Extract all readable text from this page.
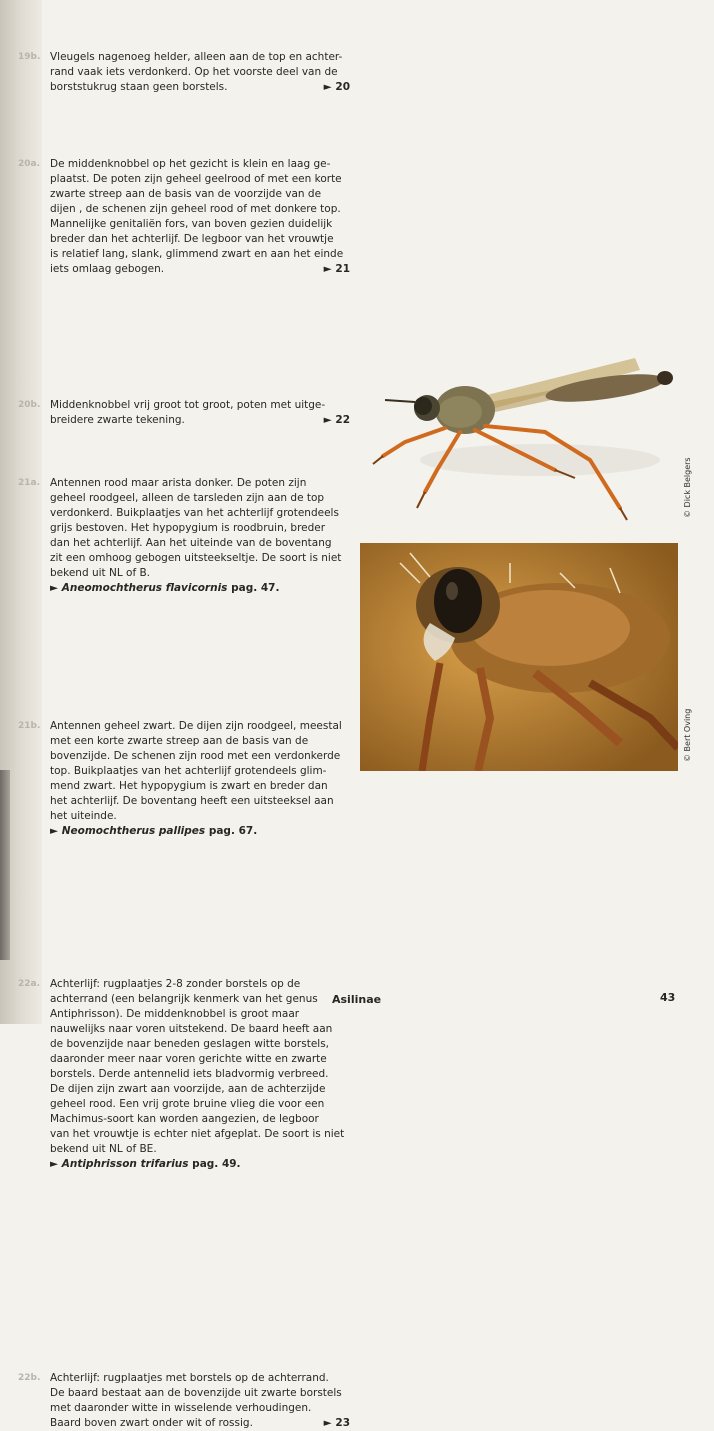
19b. Vleugels nagenoeg helder, alleen aan de top en achter-

rand vaak iets verdonkerd. Op het voorste deel van de

► 20
borststukrug staan geen borstels.

20a. De middenknobbel op het gezicht is klein en laag ge-

plaatst. De poten zijn geheel geelrood of met een korte

zwarte streep aan de basis van de voorzijde van de

dijen , de schenen zijn geheel rood of met donkere top.

Mannelijke genitaliën fors, van boven gezien duidelijk

breder dan het achterlijf. De legboor van het vrouwtje

is relatief lang, slank, glimmend zwart en aan het einde

► 21
iets omlaag gebogen.

20b. Middenknobbel vrij groot tot groot, poten met uitge-

► 22
breidere zwarte tekening.

21a. Antennen rood maar arista donker. De poten zijn

geheel roodgeel, alleen de tarsleden zijn aan de top

verdonkerd. Buikplaatjes van het achterlijf grotendeels

grijs bestoven. Het hypopygium is roodbruin, breder

dan het achterlijf. Aan het uiteinde van de boventang

zit een omhoog gebogen uitsteekseltje. De soort is niet

bekend uit NL of B.

► Aneomochtherus flavicornis pag. 47.

21b. Antennen geheel zwart. De dijen zijn roodgeel, meestal

met een korte zwarte streep aan de basis van de

bovenzijde. De schenen zijn rood met een verdonkerde

top. Buikplaatjes van het achterlijf grotendeels glim-

mend zwart. Het hypopygium is zwart en breder dan

het achterlijf. De boventang heeft een uitsteeksel aan

het uiteinde.

► Neomochtherus pallipes pag. 67.

22a. Achterlijf: rugplaatjes 2-8 zonder borstels op de

achterrand (een belangrijk kenmerk van het genus

Antiphrisson). De middenknobbel is groot maar

nauwelijks naar voren uitstekend. De baard heeft aan

de bovenzijde naar beneden geslagen witte borstels,

daaronder meer naar voren gerichte witte en zwarte

borstels. Derde antennelid iets bladvormig verbreed.

De dijen zijn zwart aan voorzijde, aan de achterzijde

geheel rood. Een vrij grote bruine vlieg die voor een

Machimus-soort kan worden aangezien, de legboor

van het vrouwtje is echter niet afgeplat. De soort is niet

bekend uit NL of BE.

► Antiphrisson trifarius pag. 49.

22b. Achterlijf: rugplaatjes met borstels op de achterrand.

De baard bestaat aan de bovenzijde uit zwarte borstels

met daaronder witte in wisselende verhoudingen.

► 23
Baard boven zwart onder wit of rossig.

© Dick Belgers
© Bert Oving
Asilinae	43
